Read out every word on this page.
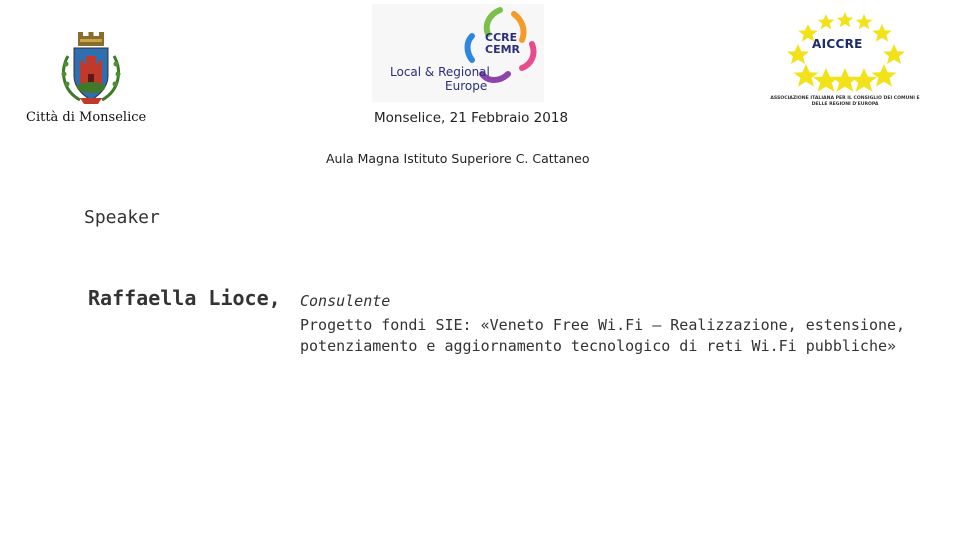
Città di Monselice
CCRE
CEMR
Local & Regional
Europe
AICCRE
ASSOCIAZIONE ITALIANA PER IL CONSIGLIO DEI COMUNI E DELLE REGIONI D'EUROPA
Monselice, 21 Febbraio 2018
Aula Magna Istituto Superiore C. Cattaneo
Speaker
Raffaella Lioce, Consulente
Progetto fondi SIE: «Veneto Free Wi.Fi – Realizzazione, estensione, potenziamento e aggiornamento tecnologico di reti Wi.Fi pubbliche»
